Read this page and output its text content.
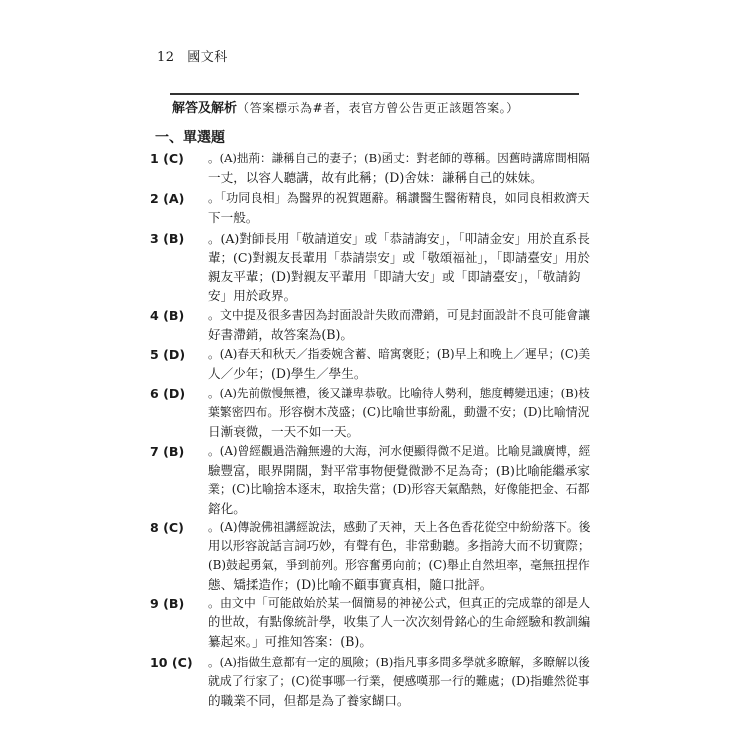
12 國文科
解答及解析（答案標示為#者，表官方曾公告更正該題答案。）
一、單選題
1 (C)	。(A)拙荊：謙稱自己的妻子；(B)函丈：對老師的尊稱。因舊時講席間相隔
一丈，以容人聽講，故有此稱；(D)舍妹：謙稱自己的妹妹。
2 (A)	。「功同良相」為醫界的祝賀題辭。稱讚醫生醫術精良，如同良相救濟天
下一般。
3 (B)	。(A)對師長用「敬請道安」或「恭請誨安」，「叩請金安」用於直系長
輩；(C)對親友長輩用「恭請崇安」或「敬頌福祉」，「即請臺安」用於
親友平輩；(D)對親友平輩用「即請大安」或「即請臺安」，「敬請鈞
安」用於政界。
4 (B)	。文中提及很多書因為封面設計失敗而滯銷，可見封面設計不良可能會讓
好書滯銷，故答案為(B)。
5 (D)	。(A)春天和秋天／指委婉含蓄、暗寓褒貶；(B)早上和晚上／遲早；(C)美
人／少年；(D)學生／學生。
6 (D)	。(A)先前傲慢無禮，後又謙卑恭敬。比喻待人勢利，態度轉變迅速；(B)枝
葉繁密四布。形容樹木茂盛；(C)比喻世事紛亂，動盪不安；(D)比喻情況
日漸衰微，一天不如一天。
7 (B)	。(A)曾經觀過浩瀚無邊的大海，河水便顯得微不足道。比喻見識廣博，經
驗豐富，眼界開闊，對平常事物便覺微渺不足為奇；(B)比喻能繼承家
業；(C)比喻捨本逐末，取捨失當；(D)形容天氣酷熱，好像能把金、石都
鎔化。
8 (C)	。(A)傳說佛祖講經說法，感動了天神，天上各色香花從空中紛紛落下。後
用以形容說話言詞巧妙，有聲有色，非常動聽。多指誇大而不切實際；
(B)鼓起勇氣，爭到前列。形容奮勇向前；(C)舉止自然坦率，毫無扭捏作
態、矯揉造作；(D)比喻不顧事實真相，隨口批評。
9 (B)	。由文中「可能啟始於某一個簡易的神祕公式，但真正的完成靠的卻是人
的世故，有點像統計學，收集了人一次次刻骨銘心的生命經驗和教訓編
纂起來。」可推知答案：(B)。
10 (C)	。(A)指做生意都有一定的風險；(B)指凡事多問多學就多瞭解，多瞭解以後
就成了行家了；(C)從事哪一行業，便感嘆那一行的難處；(D)指雖然從事
的職業不同，但都是為了養家餬口。
